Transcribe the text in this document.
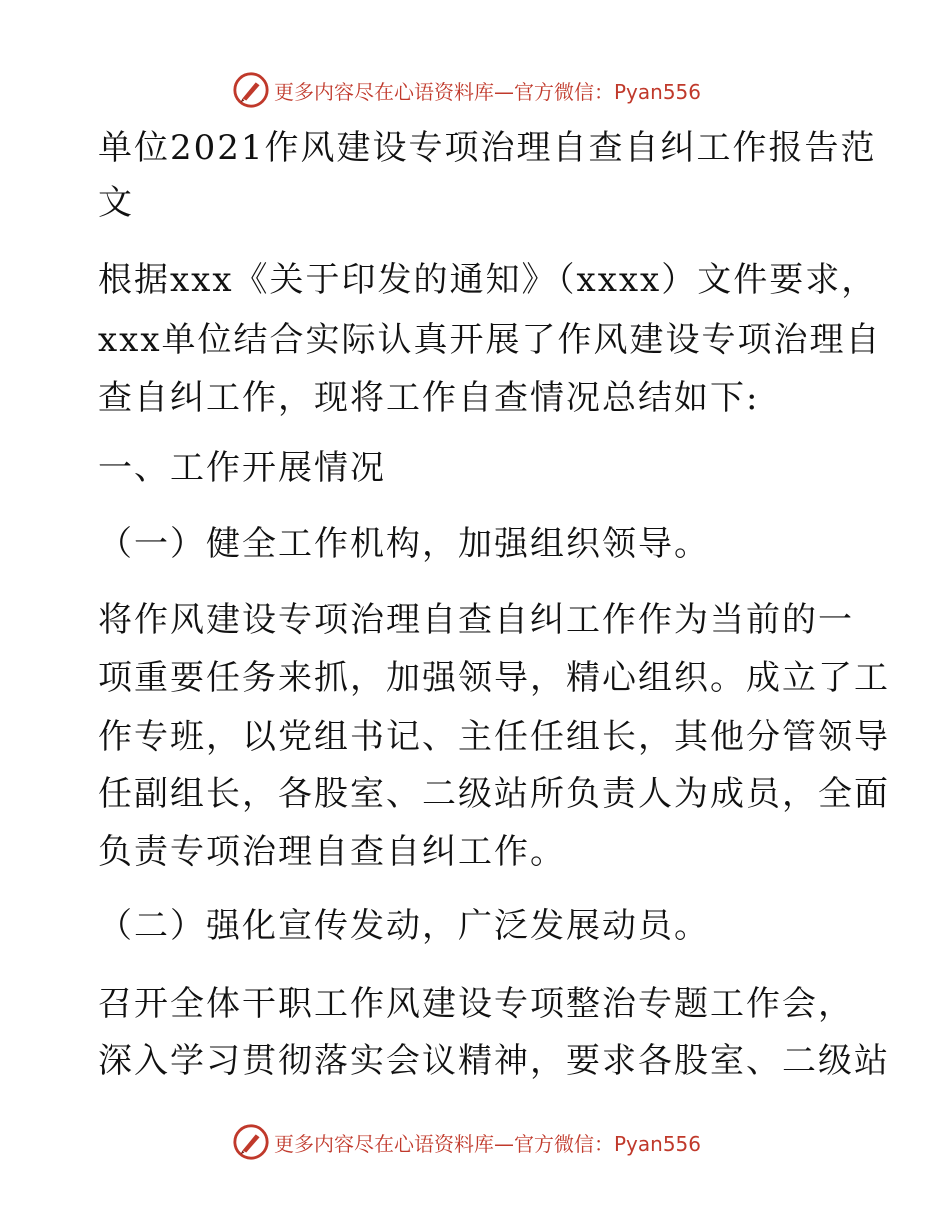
更多内容尽在心语资料库—官方微信：Pyan556
单位2021作风建设专项治理自查自纠工作报告范
文
根据xxx《关于印发的通知》（xxxx）文件要求，
xxx单位结合实际认真开展了作风建设专项治理自
查自纠工作，现将工作自查情况总结如下:
一、工作开展情况
（一）健全工作机构，加强组织领导。
将作风建设专项治理自查自纠工作作为当前的一
项重要任务来抓，加强领导，精心组织。成立了工
作专班，以党组书记、主任任组长，其他分管领导
任副组长，各股室、二级站所负责人为成员，全面
负责专项治理自查自纠工作。
（二）强化宣传发动，广泛发展动员。
召开全体干职工作风建设专项整治专题工作会，
深入学习贯彻落实会议精神，要求各股室、二级站
更多内容尽在心语资料库—官方微信：Pyan556
